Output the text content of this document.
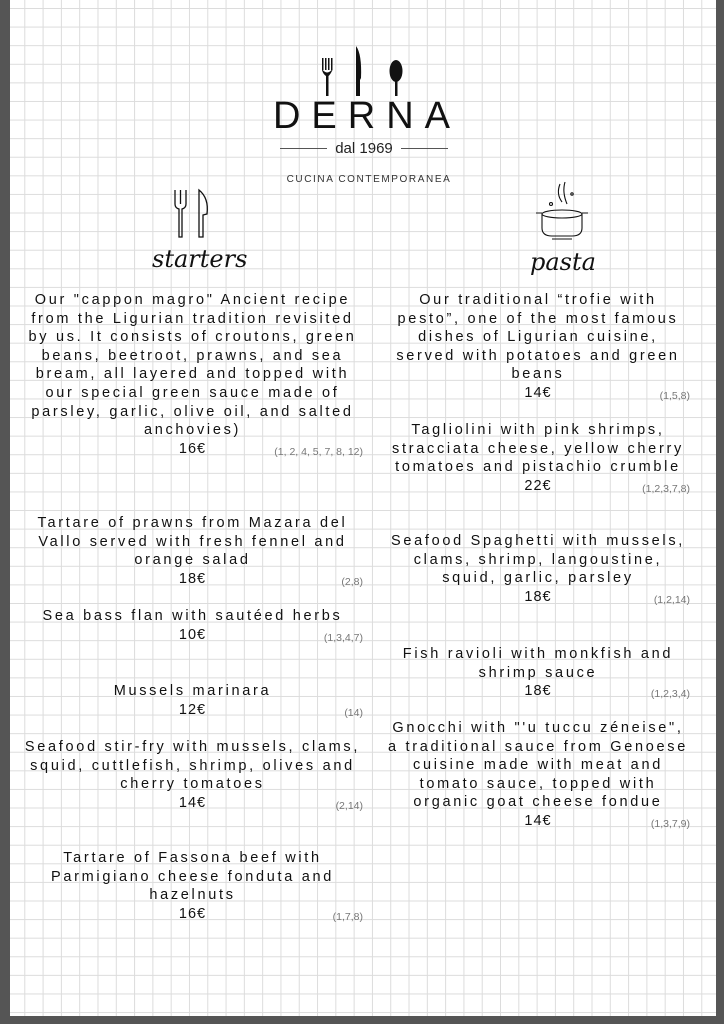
DERNA
dal 1969
CUCINA CONTEMPORANEA
starters	pasta
Our "cappon magro" Ancient recipe from the Ligurian tradition revisited by us. It consists of croutons, green beans, beetroot, prawns, and sea bream, all layered and topped with our special green sauce made of parsley, garlic, olive oil, and salted anchovies)
16€	(1, 2, 4, 5, 7, 8, 12)
Tartare of prawns from Mazara del Vallo served with fresh fennel and orange salad
18€	(2,8)
Sea bass flan with sautéed herbs
10€	(1,3,4,7)
Mussels marinara
12€	(14)
Seafood stir-fry with mussels, clams, squid, cuttlefish, shrimp, olives and cherry tomatoes
14€	(2,14)
Tartare of Fassona beef with Parmigiano cheese fonduta and hazelnuts
16€	(1,7,8)
Our traditional “trofie with pesto”, one of the most famous dishes of Ligurian cuisine, served with potatoes and green beans
14€	(1,5,8)
Tagliolini with pink shrimps, stracciata cheese, yellow cherry tomatoes and pistachio crumble
22€	(1,2,3,7,8)
Seafood Spaghetti with mussels, clams, shrimp, langoustine, squid, garlic, parsley
18€	(1,2,14)
Fish ravioli with monkfish and shrimp sauce
18€	(1,2,3,4)
Gnocchi with "'u tuccu zéneise", a traditional sauce from Genoese cuisine made with meat and tomato sauce, topped with organic goat cheese fondue
14€	(1,3,7,9)
